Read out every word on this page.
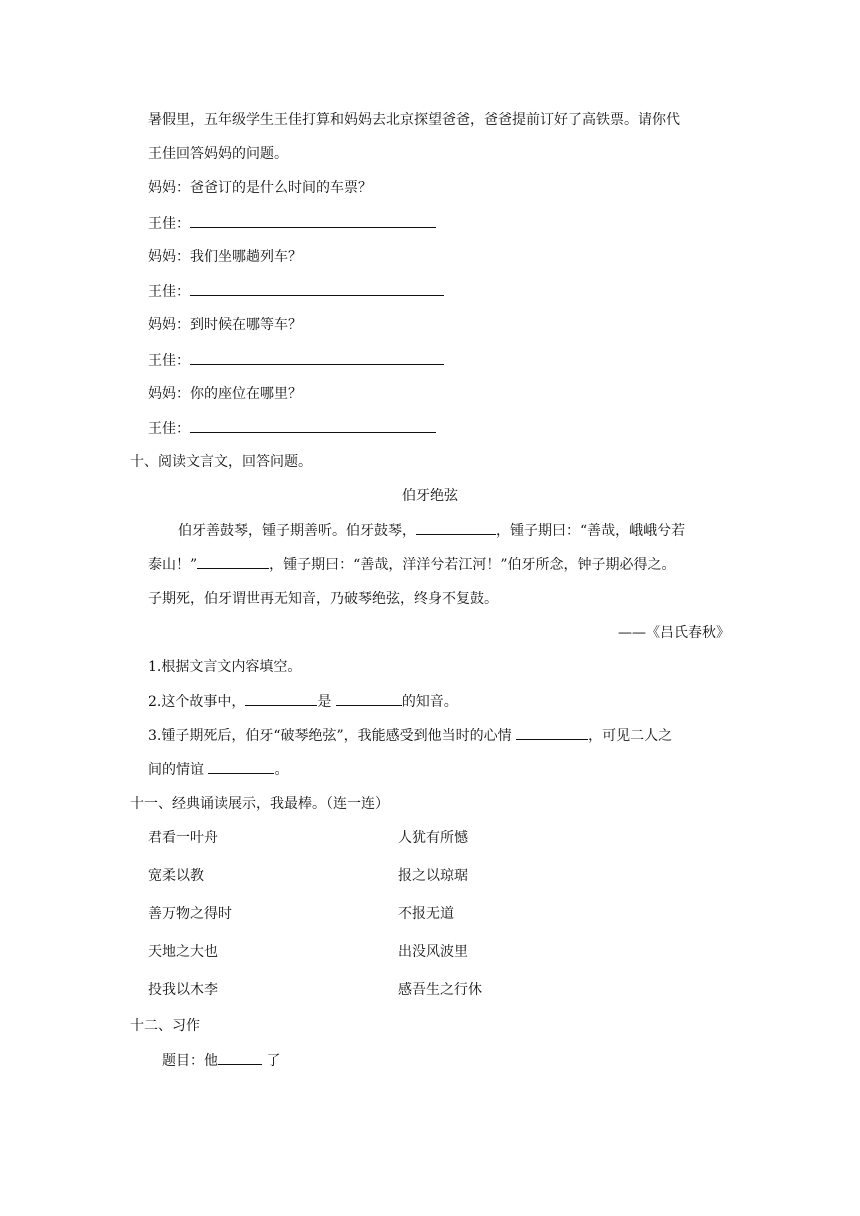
暑假里，五年级学生王佳打算和妈妈去北京探望爸爸，爸爸提前订好了高铁票。请你代
王佳回答妈妈的问题。
妈妈：爸爸订的是什么时间的车票？
王佳：
妈妈：我们坐哪趟列车？
王佳：
妈妈：到时候在哪等车？
王佳：
妈妈：你的座位在哪里？
王佳：
十、阅读文言文，回答问题。
伯牙绝弦
伯牙善鼓琴，锺子期善听。伯牙鼓琴，	，锺子期曰：“善哉，峨峨兮若
泰山！”	，锺子期曰：“善哉，洋洋兮若江河！”伯牙所念，钟子期必得之。
子期死，伯牙谓世再无知音，乃破琴绝弦，终身不复鼓。
——《吕氏春秋》
1.根据文言文内容填空。
2.这个故事中，	是	的知音。
3.锺子期死后，伯牙“破琴绝弦”，我能感受到他当时的心情	，可见二人之
间的情谊	。
十一、经典诵读展示，我最棒。（连一连）
君看一叶舟	人犹有所憾
宽柔以教	报之以琼琚
善万物之得时	不报无道
天地之大也	出没风波里
投我以木李	感吾生之行休
十二、习作
题目：他	了
